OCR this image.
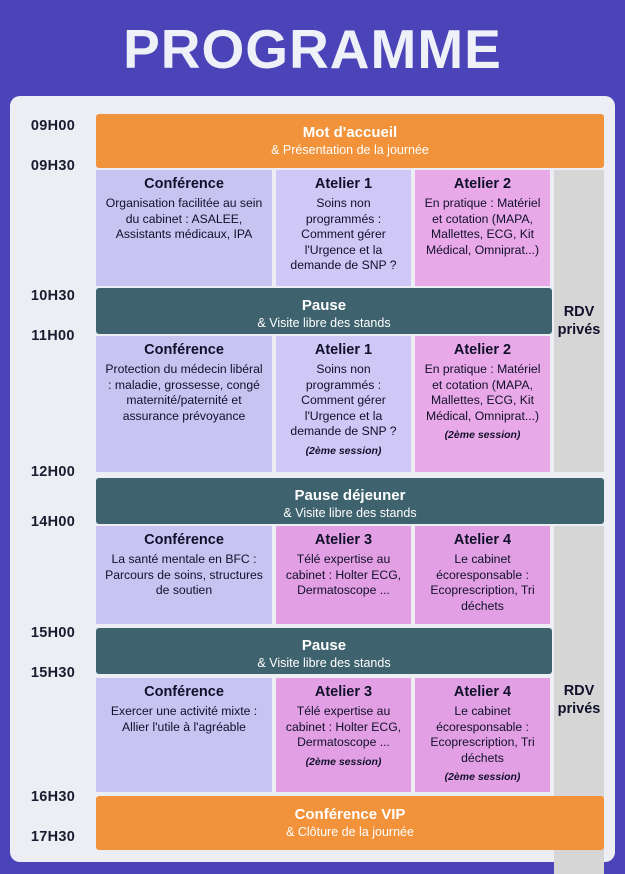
PROGRAMME
09H00
09H30
10H30
11H00
12H00
14H00
15H00
15H30
16H30
17H30
Mot d'accueil
& Présentation de la journée
Conférence
Organisation facilitée au sein du cabinet : ASALEE, Assistants médicaux, IPA
Atelier 1
Soins non programmés : Comment gérer l'Urgence et la demande de SNP ?
Atelier 2
En pratique : Matériel et cotation (MAPA, Mallettes, ECG, Kit Médical, Omniprat...)
RDV
privés
Pause
& Visite libre des stands
Conférence
Protection du médecin libéral : maladie, grossesse, congé maternité/paternité et assurance prévoyance
Atelier 1
Soins non programmés : Comment gérer l'Urgence et la demande de SNP ?
(2ème session)
Atelier 2
En pratique : Matériel et cotation (MAPA, Mallettes, ECG, Kit Médical, Omniprat...)
(2ème session)
Pause déjeuner
& Visite libre des stands
Conférence
La santé mentale en BFC : Parcours de soins, structures de soutien
Atelier 3
Télé expertise au cabinet : Holter ECG, Dermatoscope ...
Atelier 4
Le cabinet écoresponsable : Ecoprescription, Tri déchets
RDV
privés
Pause
& Visite libre des stands
Conférence
Exercer une activité mixte : Allier l'utile à l'agréable
Atelier 3
Télé expertise au cabinet : Holter ECG, Dermatoscope ...
(2ème session)
Atelier 4
Le cabinet écoresponsable : Ecoprescription, Tri déchets
(2ème session)
Conférence VIP
& Clôture de la journée
